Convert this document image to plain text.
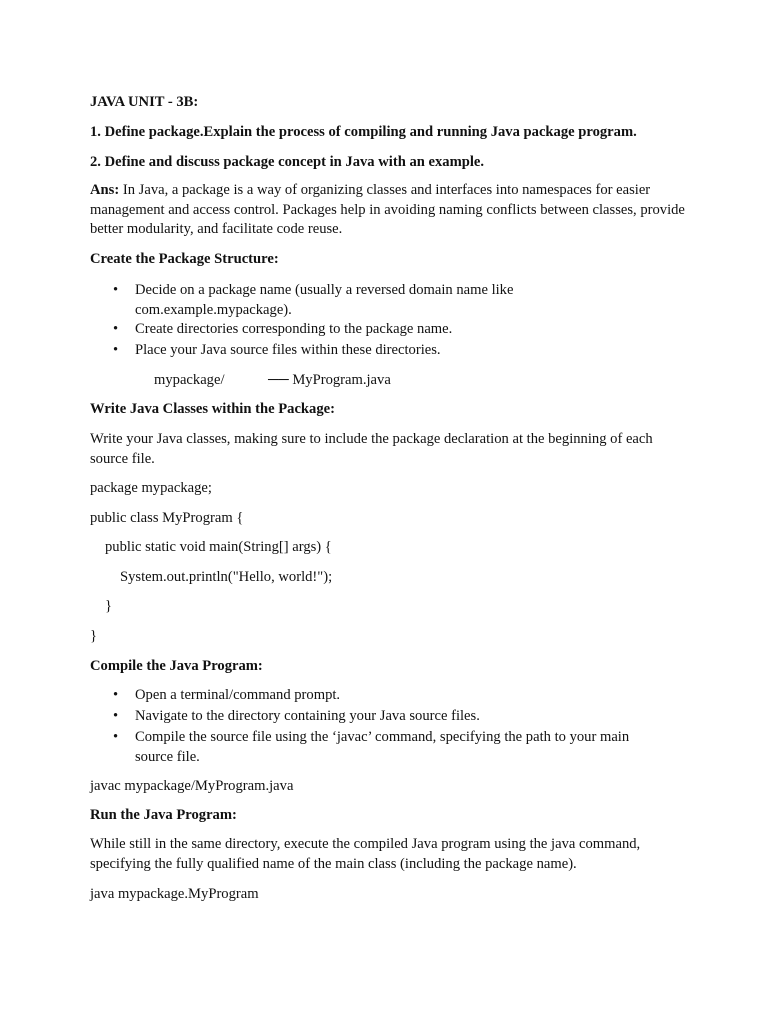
JAVA UNIT - 3B:
1. Define package.Explain the process of compiling and running Java package program.
2. Define and discuss package concept in Java with an example.
Ans: In Java, a package is a way of organizing classes and interfaces into namespaces for easier management and access control. Packages help in avoiding naming conflicts between classes, provide better modularity, and facilitate code reuse.
Create the Package Structure:
• Decide on a package name (usually a reversed domain name like com.example.mypackage).
• Create directories corresponding to the package name.
• Place your Java source files within these directories.
mypackage/	── MyProgram.java
Write Java Classes within the Package:
Write your Java classes, making sure to include the package declaration at the beginning of each source file.
package mypackage;
public class MyProgram {
public static void main(String[] args) {
System.out.println("Hello, world!");
}
}
Compile the Java Program:
• Open a terminal/command prompt.
• Navigate to the directory containing your Java source files.
• Compile the source file using the ‘javac’ command, specifying the path to your main source file.
javac mypackage/MyProgram.java
Run the Java Program:
While still in the same directory, execute the compiled Java program using the java command, specifying the fully qualified name of the main class (including the package name).
java mypackage.MyProgram
